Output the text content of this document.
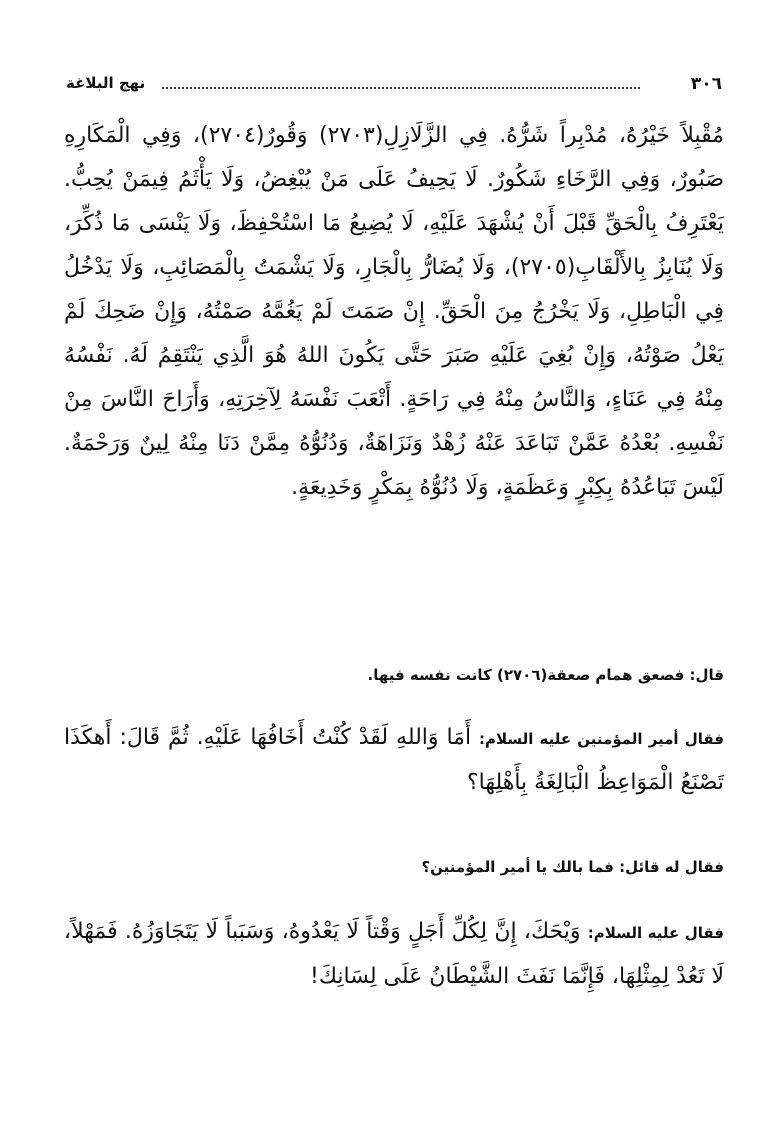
نهج البلاغة	٣٠٦
مُقْبِلاً خَيْرُهُ، مُدْبِراً شَرُّهُ. فِي الزَّلَازِلِ(٢٧٠٣) وَقُورٌ(٢٧٠٤)، وَفِي الْمَكَارِهِ صَبُورٌ، وَفِي الرَّخَاءِ شَكُورٌ. لَا يَحِيفُ عَلَى مَنْ يُبْغِضُ، وَلَا يَأْثَمُ فِيمَنْ يُحِبُّ. يَعْتَرِفُ بِالْحَقِّ قَبْلَ أَنْ يُشْهَدَ عَلَيْهِ، لَا يُضِيعُ مَا اسْتُحْفِظَ، وَلَا يَنْسَى مَا ذُكِّرَ، وَلَا يُنَابِزُ بِالأَلْقَابِ(٢٧٠٥)، وَلَا يُضَارُّ بِالْجَارِ، وَلَا يَشْمَتُ بِالْمَصَائِبِ، وَلَا يَدْخُلُ فِي الْبَاطِلِ، وَلَا يَخْرُجُ مِنَ الْحَقِّ. إِنْ صَمَتَ لَمْ يَغُمَّهُ صَمْتُهُ، وَإِنْ ضَحِكَ لَمْ يَعْلُ صَوْتُهُ، وَإِنْ بُغِيَ عَلَيْهِ صَبَرَ حَتَّى يَكُونَ اللهُ هُوَ الَّذِي يَنْتَقِمُ لَهُ. نَفْسُهُ مِنْهُ فِي عَنَاءٍ، وَالنَّاسُ مِنْهُ فِي رَاحَةٍ. أَتْعَبَ نَفْسَهُ لِآخِرَتِهِ، وَأَرَاحَ النَّاسَ مِنْ نَفْسِهِ. بُعْدُهُ عَمَّنْ تَبَاعَدَ عَنْهُ زُهْدٌ وَنَزَاهَةٌ، وَدُنُوُّهُ مِمَّنْ دَنَا مِنْهُ لِينٌ وَرَحْمَةٌ. لَيْسَ تَبَاعُدُهُ بِكِبْرٍ وَعَظَمَةٍ، وَلَا دُنُوُّهُ بِمَكْرٍ وَخَدِيعَةٍ.
قال: فصعق همام صعقة(٢٧٠٦) كانت نفسه فيها.
فقال أمير المؤمنين عليه السلام: أَمَا وَاللهِ لَقَدْ كُنْتُ أَخَافُهَا عَلَيْهِ. ثُمَّ قَالَ: أَهكَذَا تَصْنَعُ الْمَوَاعِظُ الْبَالِغَةُ بِأَهْلِهَا؟
فقال له قائل: فما بالك يا أمير المؤمنين؟
فقال عليه السلام: وَيْحَكَ، إِنَّ لِكُلِّ أَجَلٍ وَقْتاً لَا يَعْدُوهُ، وَسَبَباً لَا يَتَجَاوَزُهُ. فَمَهْلاً، لَا تَعُدْ لِمِثْلِهَا، فَإِنَّمَا نَفَثَ الشَّيْطَانُ عَلَى لِسَانِكَ!
